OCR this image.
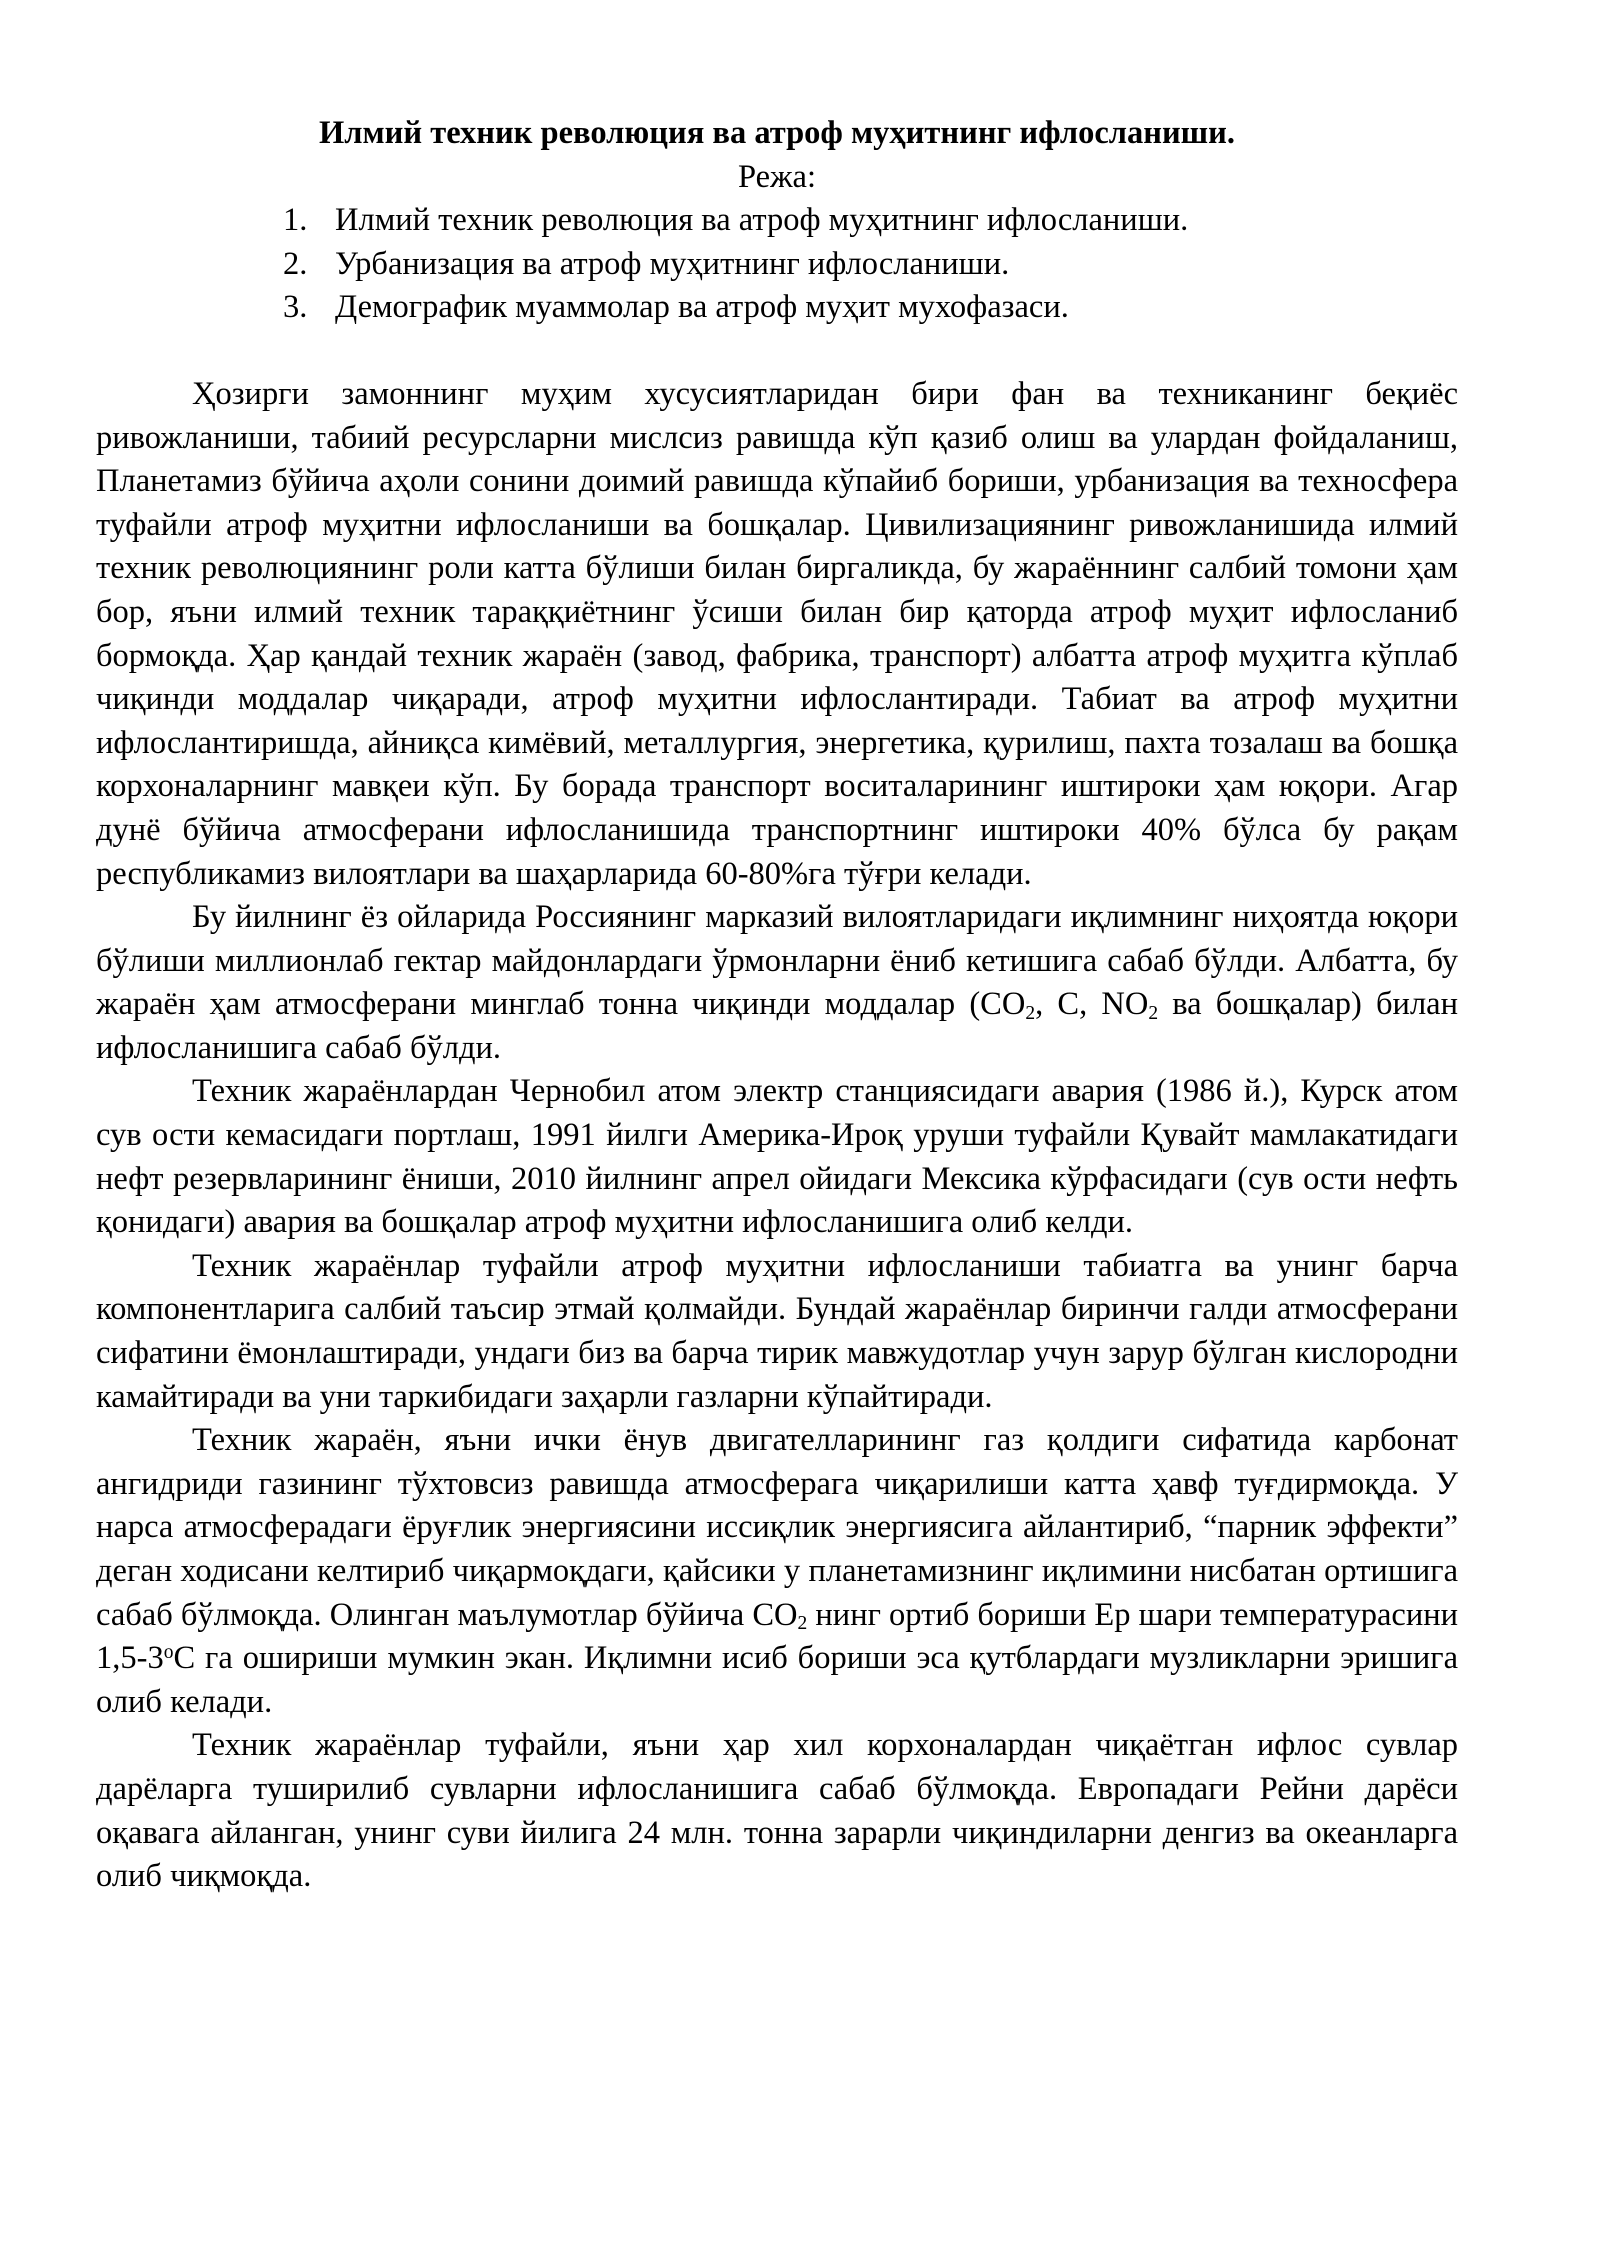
Илмий техник революция ва атроф муҳитнинг ифлосланиши.

Режа:

1. Илмий техник революция ва атроф муҳитнинг ифлосланиши.
2. Урбанизация ва атроф муҳитнинг ифлосланиши.
3. Демографик муаммолар ва атроф муҳит мухофазаси.

Ҳозирги замоннинг муҳим хусусиятларидан бири фан ва техниканинг беқиёс ривожланиши, табиий ресурсларни мислсиз равишда кўп қазиб олиш ва улардан фойдаланиш, Планетамиз бўйича аҳоли сонини доимий равишда кўпайиб бориши, урбанизация ва техносфера туфайли атроф муҳитни ифлосланиши ва бошқалар. Цивилизациянинг ривожланишида илмий техник революциянинг роли катта бўлиши билан биргаликда, бу жараённинг салбий томони ҳам бор, яъни илмий техник тараққиётнинг ўсиши билан бир қаторда атроф муҳит ифлосланиб бормоқда. Ҳар қандай техник жараён (завод, фабрика, транспорт) албатта атроф муҳитга кўплаб чиқинди моддалар чиқаради, атроф муҳитни ифлослантиради. Табиат ва атроф муҳитни ифлослантиришда, айниқса кимёвий, металлургия, энергетика, қурилиш, пахта тозалаш ва бошқа корхоналарнинг мавқеи кўп. Бу борада транспорт воситаларининг иштироки ҳам юқори. Агар дунё бўйича атмосферани ифлосланишида транспортнинг иштироки 40% бўлса бу рақам республикамиз вилоятлари ва шаҳарларида 60-80%га тўғри келади.

Бу йилнинг ёз ойларида Россиянинг марказий вилоятларидаги иқлимнинг ниҳоятда юқори бўлиши миллионлаб гектар майдонлардаги ўрмонларни ёниб кетишига сабаб бўлди. Албатта, бу жараён ҳам атмосферани минглаб тонна чиқинди моддалар ($СО_2$, С, $NO_2$ ва бошқалар) билан ифлосланишига сабаб бўлди.

Техник жараёнлардан Чернобил атом электр станциясидаги авария (1986 й.), Курск атом сув ости кемасидаги портлаш, 1991 йилги Америка-Ироқ уруши туфайли Қувайт мамлакатидаги нефт резервларининг ёниши, 2010 йилнинг апрел ойидаги Мексика кўрфасидаги (сув ости нефть қонидаги) авария ва бошқалар атроф муҳитни ифлосланишига олиб келди.

Техник жараёнлар туфайли атроф муҳитни ифлосланиши табиатга ва унинг барча компонентларига салбий таъсир этмай қолмайди. Бундай жараёнлар биринчи галди атмосферани сифатини ёмонлаштиради, ундаги биз ва барча тирик мавжудотлар учун зарур бўлган кислородни камайтиради ва уни таркибидаги заҳарли газларни кўпайтиради.

Техник жараён, яъни ички ёнув двигателларининг газ қолдиги сифатида карбонат ангидриди газининг тўхтовсиз равишда атмосферага чиқарилиши катта ҳавф туғдирмоқда. У нарса атмосферадаги ёруғлик энергиясини иссиқлик энергиясига айлантириб, “парник эффекти” деган ходисани келтириб чиқармоқдаги, қайсики у планетамизнинг иқлимини нисбатан ортишига сабаб бўлмоқда. Олинган маълумотлар бўйича $СО_2$ нинг ортиб бориши Ер шари температурасини $1,5-3^оС$ га ошириши мумкин экан. Иқлимни исиб бориши эса қутблардаги музликларни эришига олиб келади.

Техник жараёнлар туфайли, яъни ҳар хил корхоналардан чиқаётган ифлос сувлар дарёларга туширилиб сувларни ифлосланишига сабаб бўлмоқда. Европадаги Рейни дарёси оқавага айланган, унинг суви йилига 24 млн. тонна зарарли чиқиндиларни денгиз ва океанларга олиб чиқмоқда.
